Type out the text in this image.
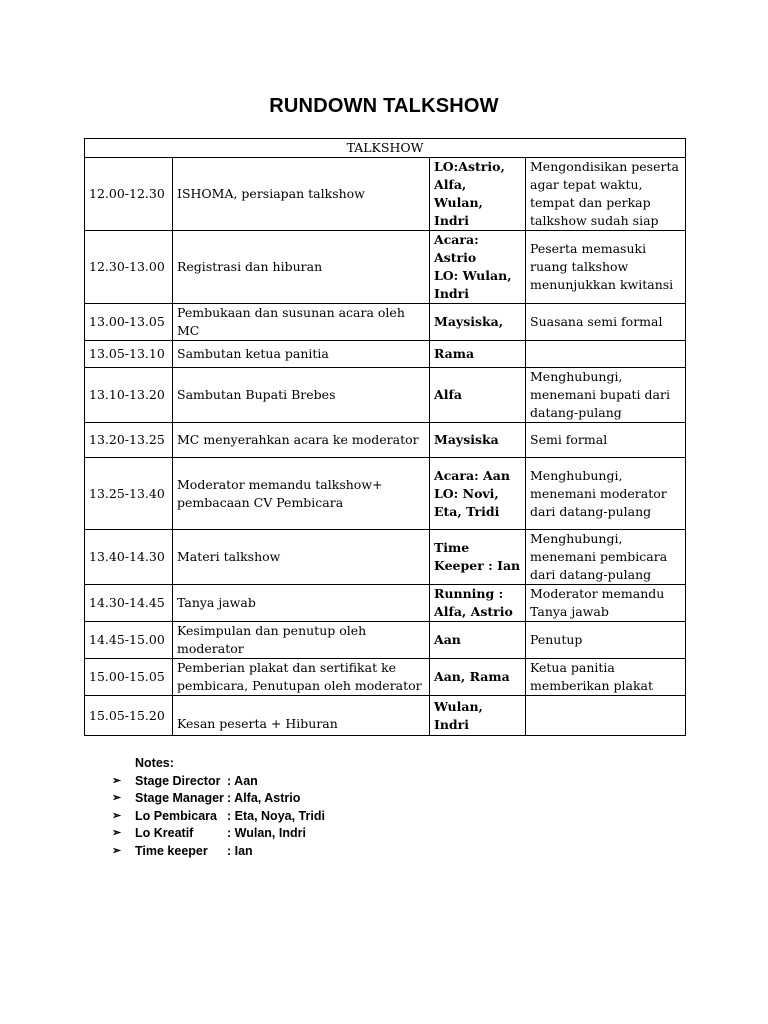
RUNDOWN TALKSHOW
TALKSHOW			
12.00-12.30	ISHOMA, persiapan talkshow	LO:Astrio,
Alfa,
Wulan,
Indri	Mengondisikan peserta agar tepat waktu, tempat dan perkap talkshow sudah siap
12.30-13.00	Registrasi dan hiburan	Acara:
Astrio
LO: Wulan,
Indri	Peserta memasuki ruang talkshow menunjukkan kwitansi
13.00-13.05	Pembukaan dan susunan acara oleh MC	Maysiska,	Suasana semi formal
13.05-13.10	Sambutan ketua panitia	Rama	
13.10-13.20	Sambutan Bupati Brebes	Alfa	Menghubungi, menemani bupati dari datang-pulang
13.20-13.25	MC menyerahkan acara ke moderator	Maysiska	Semi formal
13.25-13.40	Moderator memandu talkshow+ pembacaan CV Pembicara	Acara: Aan
LO: Novi,
Eta, Tridi	Menghubungi, menemani moderator dari datang-pulang
13.40-14.30	Materi talkshow	Time
Keeper : Ian	Menghubungi, menemani pembicara dari datang-pulang
14.30-14.45	Tanya jawab	Running :
Alfa, Astrio	Moderator memandu Tanya jawab
14.45-15.00	Kesimpulan dan penutup oleh moderator	Aan	Penutup
15.00-15.05	Pemberian plakat dan sertifikat ke pembicara, Penutupan oleh moderator	Aan, Rama	Ketua panitia memberikan plakat
15.05-15.20	Kesan peserta + Hiburan	Wulan,
Indri	

Notes:
➢	Stage Director : Aan
➢	Stage Manager : Alfa, Astrio
➢	Lo Pembicara : Eta, Noya, Tridi
➢	Lo Kreatif	: Wulan, Indri
➢	Time keeper	: Ian
